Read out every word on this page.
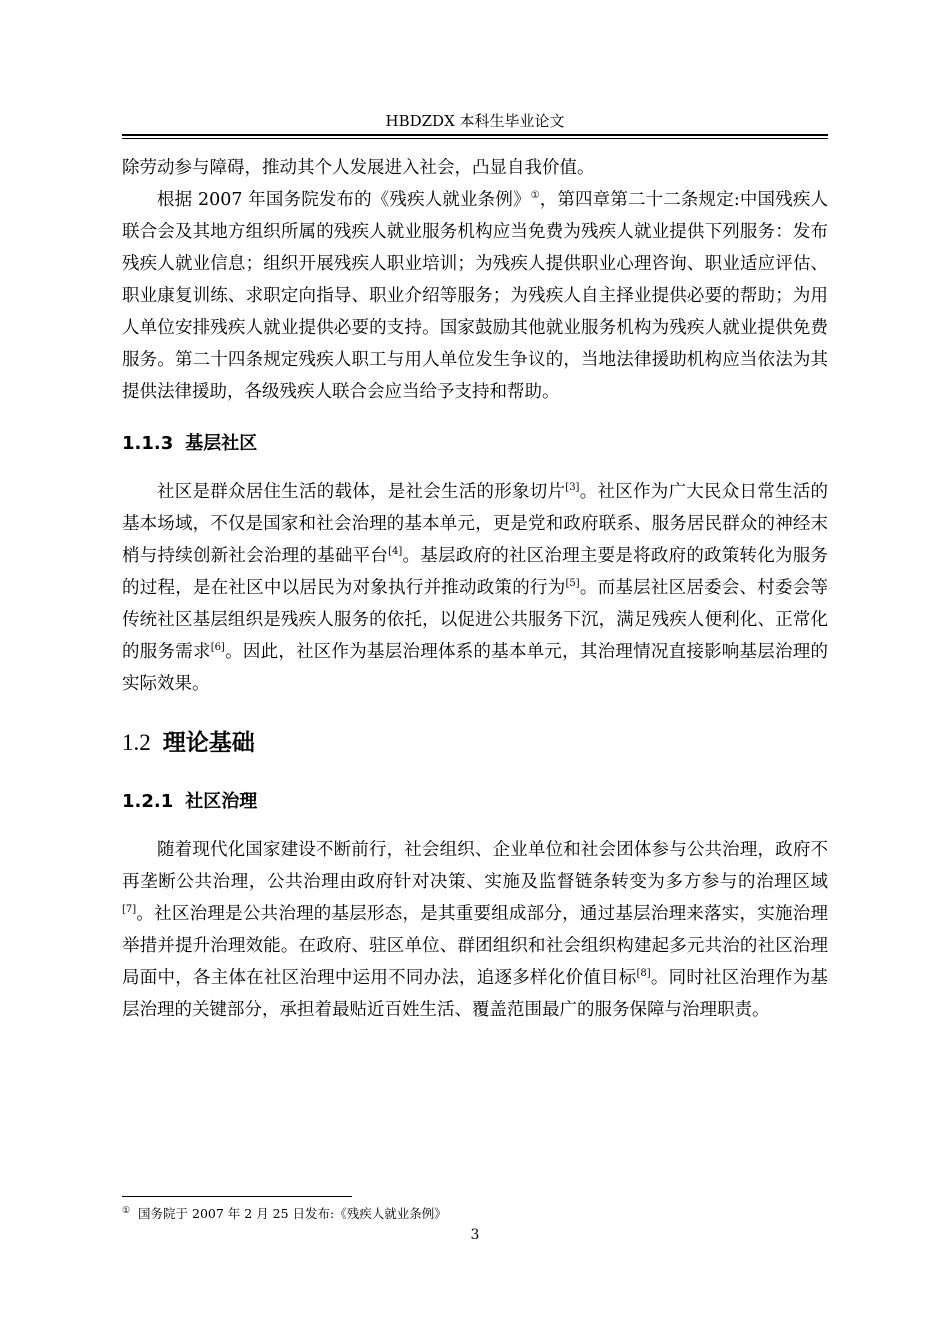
HBDZDX 本科生毕业论文

除劳动参与障碍，推动其个人发展进入社会，凸显自我价值。

根据 2007 年国务院发布的《残疾人就业条例》①，第四章第二十二条规定:中国残疾人联合会及其地方组织所属的残疾人就业服务机构应当免费为残疾人就业提供下列服务：发布残疾人就业信息；组织开展残疾人职业培训；为残疾人提供职业心理咨询、职业适应评估、职业康复训练、求职定向指导、职业介绍等服务；为残疾人自主择业提供必要的帮助；为用人单位安排残疾人就业提供必要的支持。国家鼓励其他就业服务机构为残疾人就业提供免费服务。第二十四条规定残疾人职工与用人单位发生争议的，当地法律援助机构应当依法为其提供法律援助，各级残疾人联合会应当给予支持和帮助。

1.1.3 基层社区

社区是群众居住生活的载体，是社会生活的形象切片[3]。社区作为广大民众日常生活的基本场域，不仅是国家和社会治理的基本单元，更是党和政府联系、服务居民群众的神经末梢与持续创新社会治理的基础平台[4]。基层政府的社区治理主要是将政府的政策转化为服务的过程，是在社区中以居民为对象执行并推动政策的行为[5]。而基层社区居委会、村委会等传统社区基层组织是残疾人服务的依托，以促进公共服务下沉，满足残疾人便利化、正常化的服务需求[6]。因此，社区作为基层治理体系的基本单元，其治理情况直接影响基层治理的实际效果。

1.2 理论基础
1.2.1 社区治理

随着现代化国家建设不断前行，社会组织、企业单位和社会团体参与公共治理，政府不再垄断公共治理，公共治理由政府针对决策、实施及监督链条转变为多方参与的治理区域[7]。社区治理是公共治理的基层形态，是其重要组成部分，通过基层治理来落实，实施治理举措并提升治理效能。在政府、驻区单位、群团组织和社会组织构建起多元共治的社区治理局面中，各主体在社区治理中运用不同办法，追逐多样化价值目标[8]。同时社区治理作为基层治理的关键部分，承担着最贴近百姓生活、覆盖范围最广的服务保障与治理职责。

① 国务院于 2007 年 2 月 25 日发布:《残疾人就业条例》
3
